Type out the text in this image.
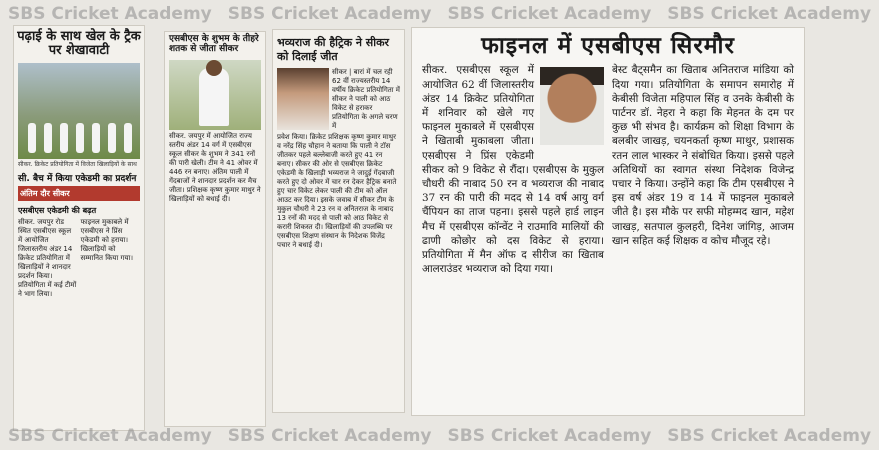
SBS Cricket Academy SBS Cricket Academy SBS Cricket Academy SBS Cricket Academy
SBS Cricket Academy SBS Cricket Academy SBS Cricket Academy SBS Cricket Academy
पढ़ाई के साथ खेल के ट्रैक पर शेखावाटी
सीकर. क्रिकेट प्रतियोगिता में विजेता खिलाड़ियों के साथ
सी. बैच में किया एकेडमी का प्रदर्शन
अंतिम दौर सीकर
एसबीएस एकेडमी की बढ़त
सीकर. जयपुर रोड स्थित एसबीएस स्कूल में आयोजित जिलास्तरीय अंडर 14 क्रिकेट प्रतियोगिता में खिलाड़ियों ने शानदार प्रदर्शन किया। प्रतियोगिता में कई टीमों ने भाग लिया।
फाइनल मुकाबले में एसबीएस ने प्रिंस एकेडमी को हराया। खिलाड़ियों को सम्मानित किया गया।
एसबीएस के शुभम के तीहरे शतक से जीता सीकर
सीकर. जयपुर में आयोजित राज्य स्तरीय अंडर 14 वर्ग में एसबीएस स्कूल सीकर के शुभम ने 341 रनों की पारी खेली। टीम ने 41 ओवर में 446 रन बनाए। अंतिम पाली में गेंदबाजों ने शानदार प्रदर्शन कर मैच जीता। प्रशिक्षक कृष्ण कुमार माथुर ने खिलाड़ियों को बधाई दी।
भव्यराज की हैट्रिक ने सीकर को दिलाई जीत
सीकर | बारां में चल रही 62 वीं राज्यस्तरीय 14 वर्षीय क्रिकेट प्रतियोगिता में सीकर ने पाली को आठ विकेट से हराकर प्रतियोगिता के अगले चरण में
प्रवेश किया। क्रिकेट प्रशिक्षक कृष्ण कुमार माथुर व नरेंद्र सिंह चौहान ने बताया कि पाली ने टॉस जीतकर पहले बल्लेबाजी करते हुए 41 रन बनाए। सीकर की ओर से एसबीएस क्रिकेट एकेडमी के खिलाड़ी भव्यराज ने जादुई गेंदबाजी करते हुए दो ओवर में चार रन देकर हैट्रिक बनाते हुए चार विकेट लेकर पाली की टीम को ऑल आउट कर दिया। इसके जवाब में सीकर टीम के मुकुल चौधरी ने 23 रन व अनितराज के नाबाद 13 रनों की मदद से पाली को आठ विकेट से करारी शिकस्त दी। खिलाड़ियों की उपलब्धि पर एसबीएस शिक्षण संस्थान के निदेशक विजेंद्र पचार ने बधाई दी।
फाइनल में एसबीएस सिरमौर
सीकर. एसबीएस स्कूल में आयोजित 62 वीं जिलास्तरीय अंडर 14 क्रिकेट प्रतियोगिता में शनिवार को खेले गए फाइनल मुकाबले में एसबीएस ने खिताबी मुकाबला जीता। एसबीएस ने प्रिंस एकेडमी सीकर को 9 विकेट से रौंदा। एसबीएस के मुकुल चौधरी की नाबाद 50 रन व भव्यराज की नाबाद 37 रन की पारी की मदद से 14 वर्ष आयु वर्ग चैंपियन का ताज पहना। इससे पहले हार्ड लाइन मैच में एसबीएस कॉन्वेंट ने राउमावि मालियों की ढाणी कोछोर को दस विकेट से हराया। प्रतियोगिता में मैन ऑफ द सीरीज का खिताब आलराउंडर भव्यराज को दिया गया।
बेस्ट बैट्समैन का खिताब अनितराज मांडिया को दिया गया। प्रतियोगिता के समापन समारोह में केबीसी विजेता महिपाल सिंह व उनके केबीसी के पार्टनर डॉ. नेहरा ने कहा कि मेहनत के दम पर कुछ भी संभव है। कार्यक्रम को शिक्षा विभाग के बलबीर जाखड़, चयनकर्ता कृष्ण माथुर, प्रशासक रतन लाल भास्कर ने संबोधित किया। इससे पहले अतिथियों का स्वागत संस्था निदेशक विजेन्द्र पचार ने किया। उन्होंने कहा कि टीम एसबीएस ने इस वर्ष अंडर 19 व 14 में फाइनल मुकाबले जीते है। इस मौके पर सफी मोहम्मद खान, महेश जाखड़, सतपाल कुलहरी, दिनेश जांगिड़, आजम खान सहित कई शिक्षक व कोच मौजूद रहे।
